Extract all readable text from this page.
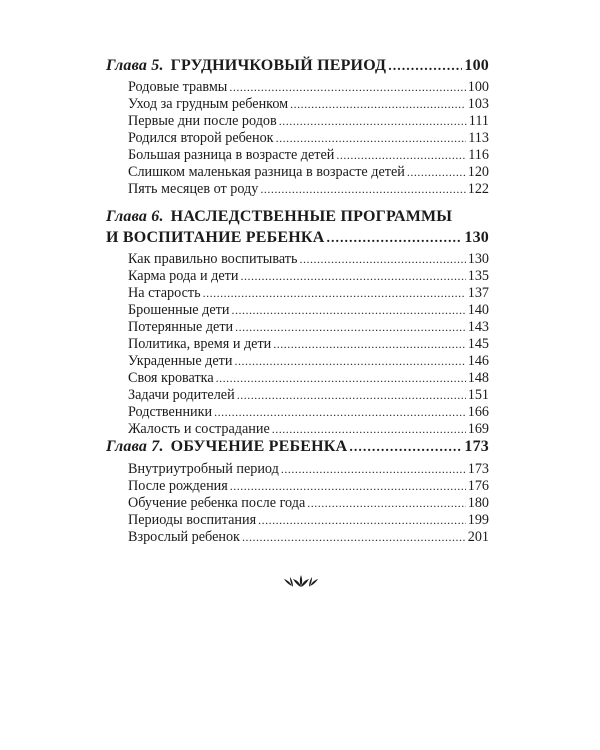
Глава 5. ГРУДНИЧКОВЫЙ ПЕРИОД .....	100
Родовые травмы .....	100
Уход за грудным ребенком .....	103
Первые дни после родов .....	111
Родился второй ребенок .....	113
Большая разница в возрасте детей .....	116
Слишком маленькая разница в возрасте детей .....	120
Пять месяцев от роду .....	122
Глава 6. НАСЛЕДСТВЕННЫЕ ПРОГРАММЫ
И ВОСПИТАНИЕ РЕБЕНКА .....	130
Как правильно воспитывать .....	130
Карма рода и дети .....	135
На старость .....	137
Брошенные дети .....	140
Потерянные дети .....	143
Политика, время и дети .....	145
Украденные дети .....	146
Своя кроватка .....	148
Задачи родителей .....	151
Родственники .....	166
Жалость и сострадание .....	169
Глава 7. ОБУЧЕНИЕ РЕБЕНКА .....	173
Внутриутробный период .....	173
После рождения .....	176
Обучение ребенка после года .....	180
Периоды воспитания .....	199
Взрослый ребенок .....	201
